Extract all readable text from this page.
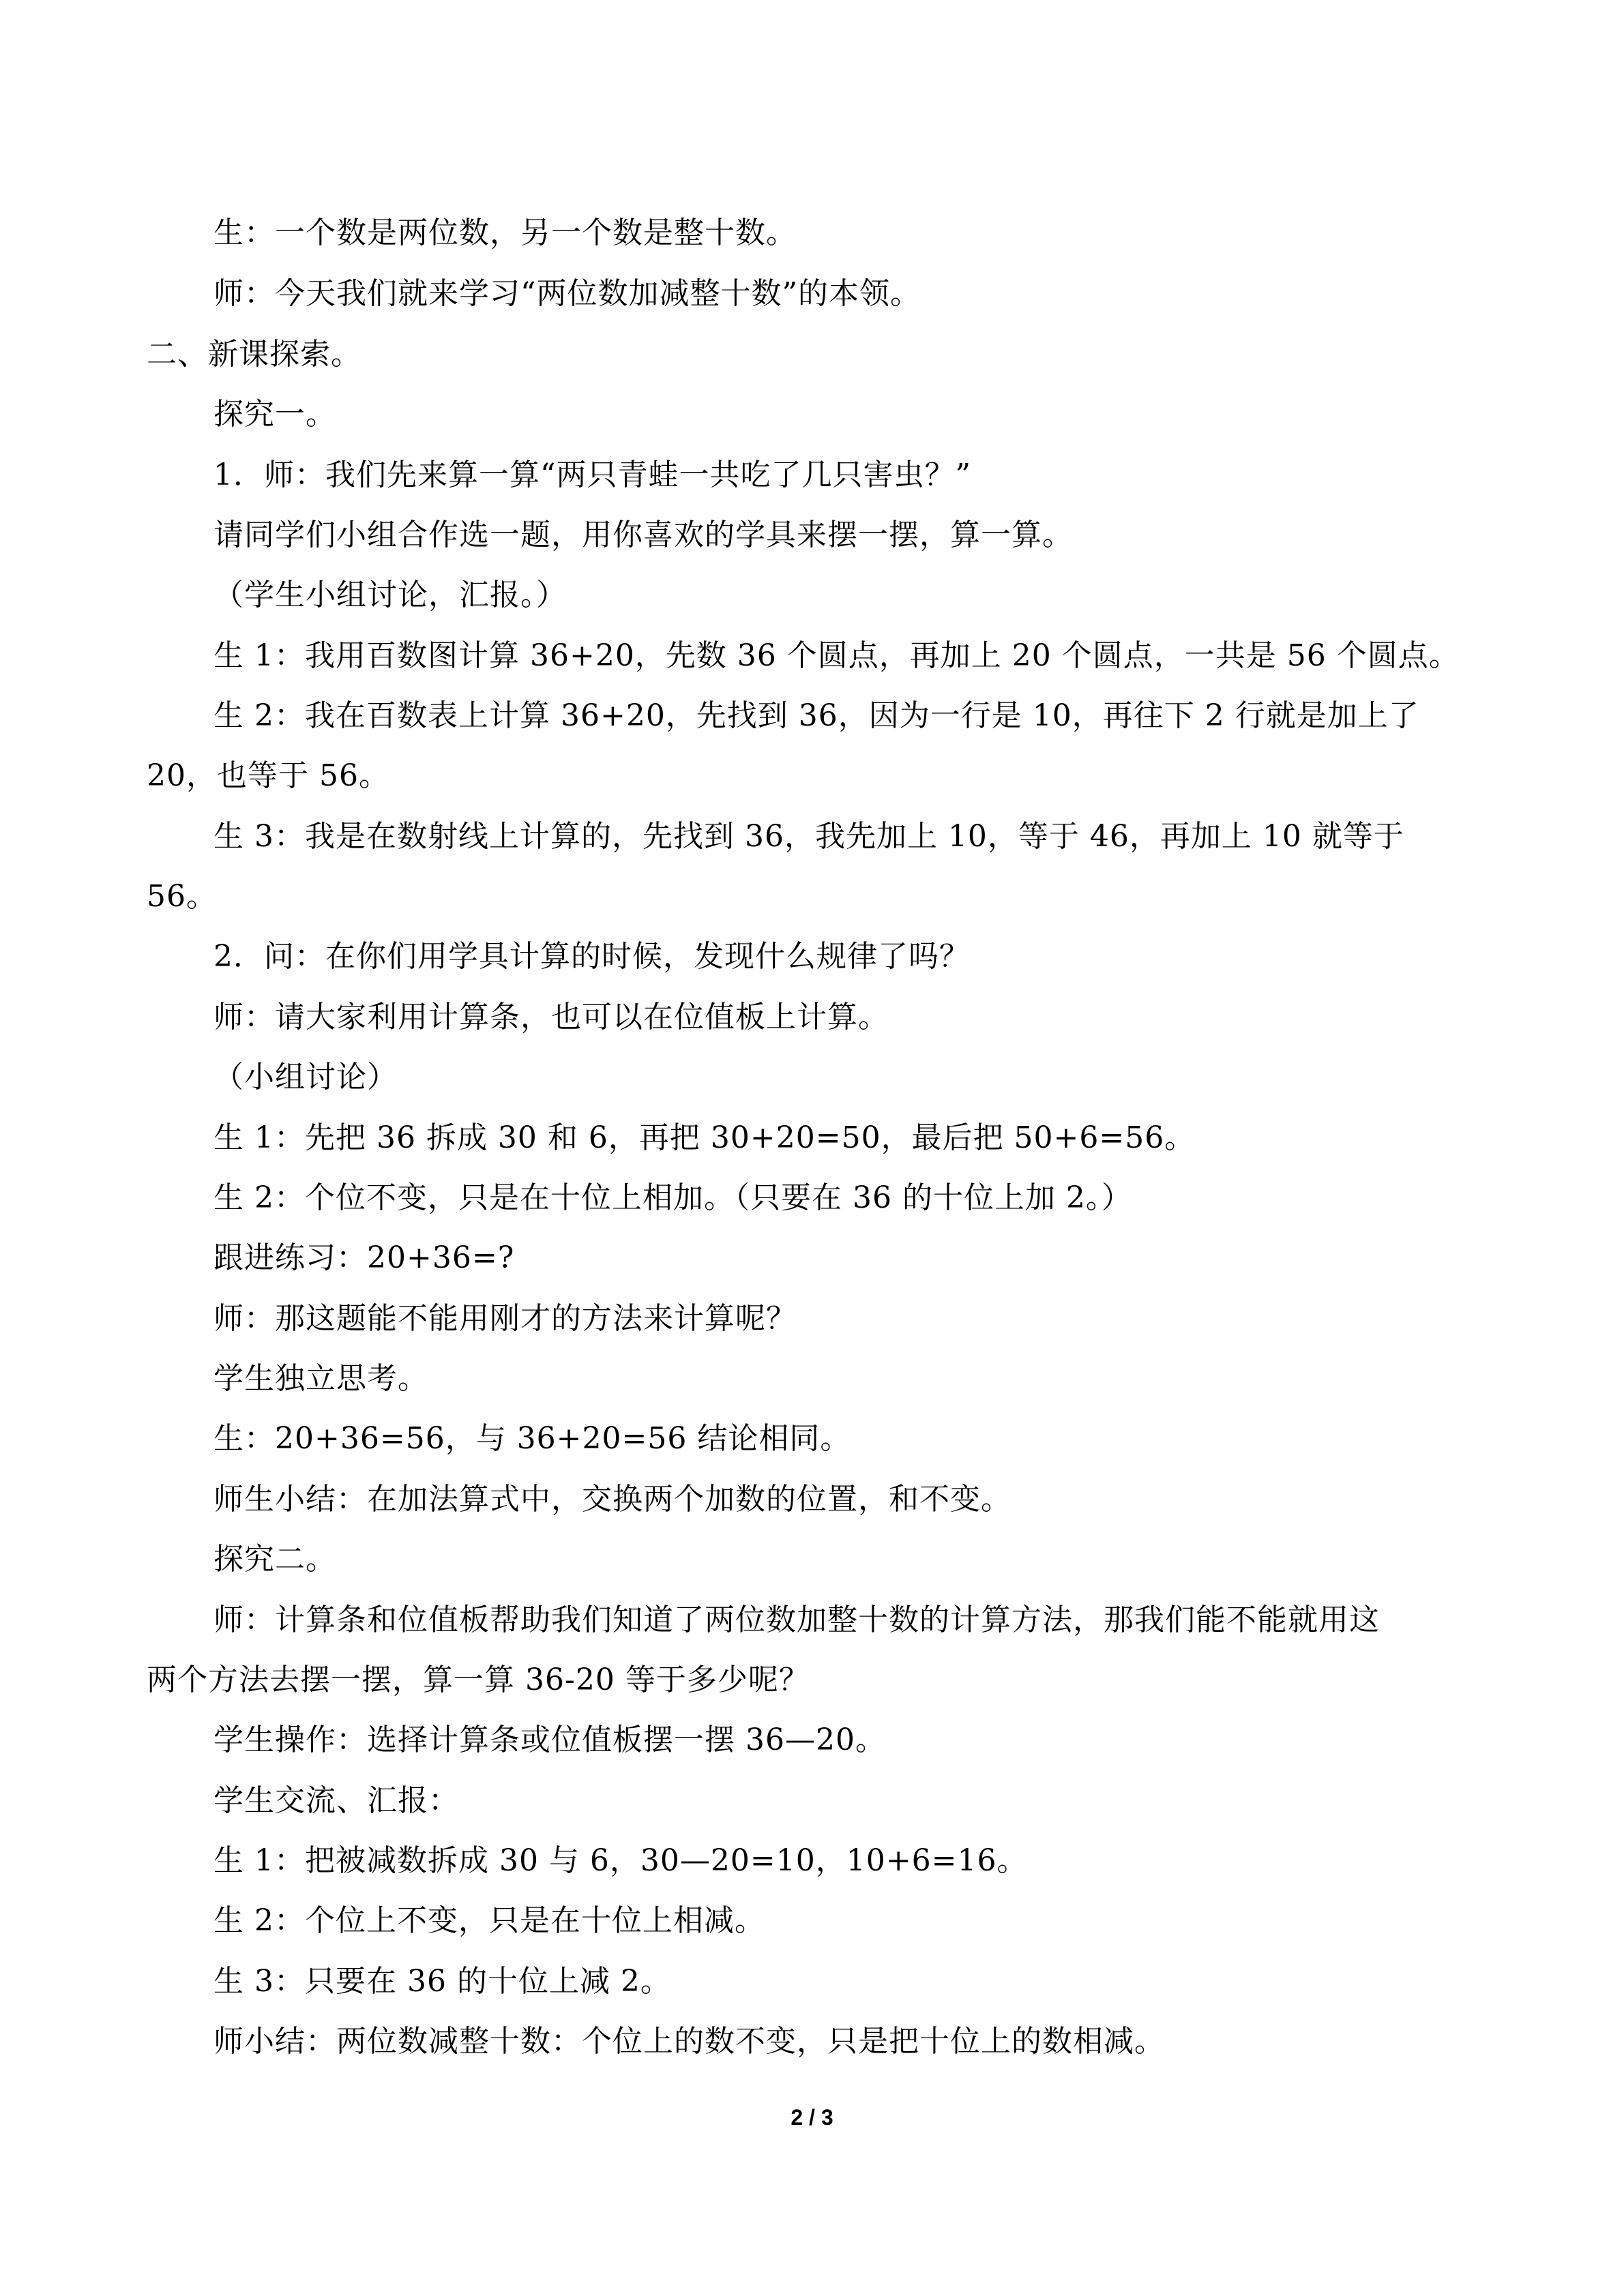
生：一个数是两位数，另一个数是整十数。
师：今天我们就来学习“两位数加减整十数”的本领。
二、新课探索。
探究一。
1．师：我们先来算一算“两只青蛙一共吃了几只害虫？”
请同学们小组合作选一题，用你喜欢的学具来摆一摆，算一算。
（学生小组讨论，汇报。）
生 1：我用百数图计算 36+20，先数 36 个圆点，再加上 20 个圆点，一共是 56 个圆点。
生 2：我在百数表上计算 36+20，先找到 36，因为一行是 10，再往下 2 行就是加上了
20，也等于 56。
生 3：我是在数射线上计算的，先找到 36，我先加上 10，等于 46，再加上 10 就等于
56。
2．问：在你们用学具计算的时候，发现什么规律了吗？
师：请大家利用计算条，也可以在位值板上计算。
（小组讨论）
生 1：先把 36 拆成 30 和 6，再把 30+20=50，最后把 50+6=56。
生 2：个位不变，只是在十位上相加。（只要在 36 的十位上加 2。）
跟进练习：20+36=?
师：那这题能不能用刚才的方法来计算呢？
学生独立思考。
生：20+36=56，与 36+20=56 结论相同。
师生小结：在加法算式中，交换两个加数的位置，和不变。
探究二。
师：计算条和位值板帮助我们知道了两位数加整十数的计算方法，那我们能不能就用这
两个方法去摆一摆，算一算 36-20 等于多少呢？
学生操作：选择计算条或位值板摆一摆 36—20。
学生交流、汇报：
生 1：把被减数拆成 30 与 6，30—20=10，10+6=16。
生 2：个位上不变，只是在十位上相减。
生 3：只要在 36 的十位上减 2。
师小结：两位数减整十数：个位上的数不变，只是把十位上的数相减。
2 / 3
